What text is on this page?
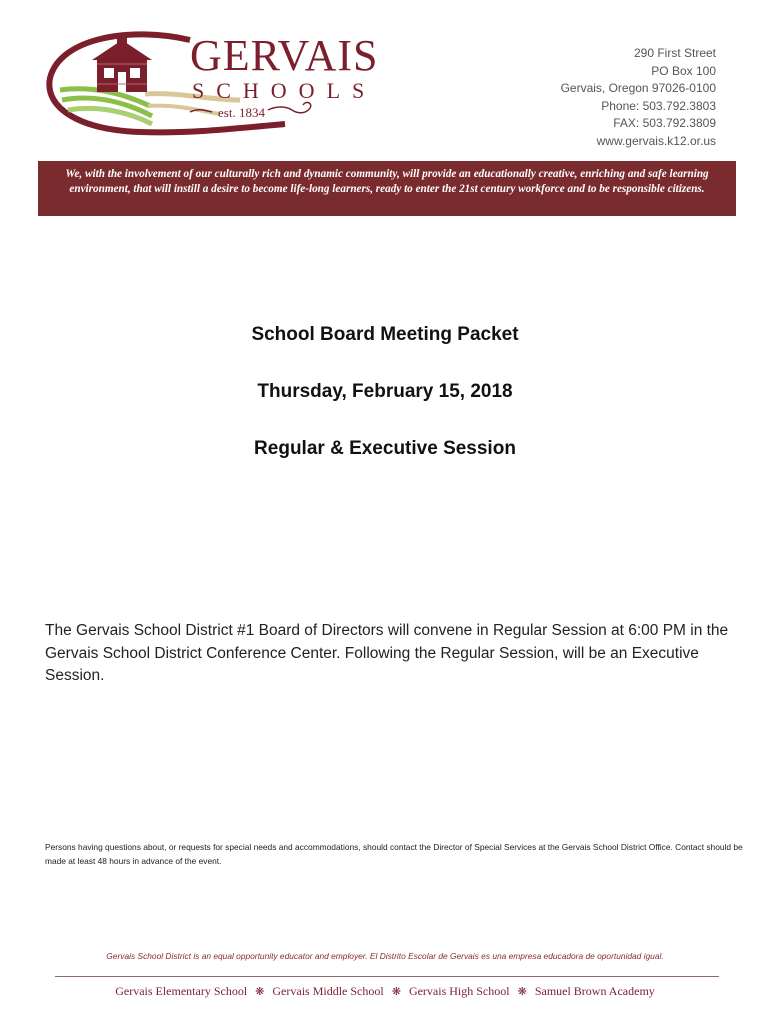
GERVAIS
SCHOOLS
est. 1834
290 First Street
PO Box 100
Gervais, Oregon 97026-0100
Phone: 503.792.3803
FAX: 503.792.3809
www.gervais.k12.or.us
We, with the involvement of our culturally rich and dynamic community, will provide an educationally creative, enriching and safe learning environment, that will instill a desire to become life-long learners, ready to enter the 21st century workforce and to be responsible citizens.
School Board Meeting Packet
Thursday, February 15, 2018
Regular & Executive Session
The Gervais School District #1 Board of Directors will convene in Regular Session at 6:00 PM in the Gervais School District Conference Center. Following the Regular Session, will be an Executive Session.
Persons having questions about, or requests for special needs and accommodations, should contact the Director of Special Services at the Gervais School District Office. Contact should be made at least 48 hours in advance of the event.
Gervais School District is an equal opportunity educator and employer. El Distrito Escolar de Gervais es una empresa educadora de oportunidad igual.
Gervais Elementary School ❋ Gervais Middle School ❋ Gervais High School ❋ Samuel Brown Academy
